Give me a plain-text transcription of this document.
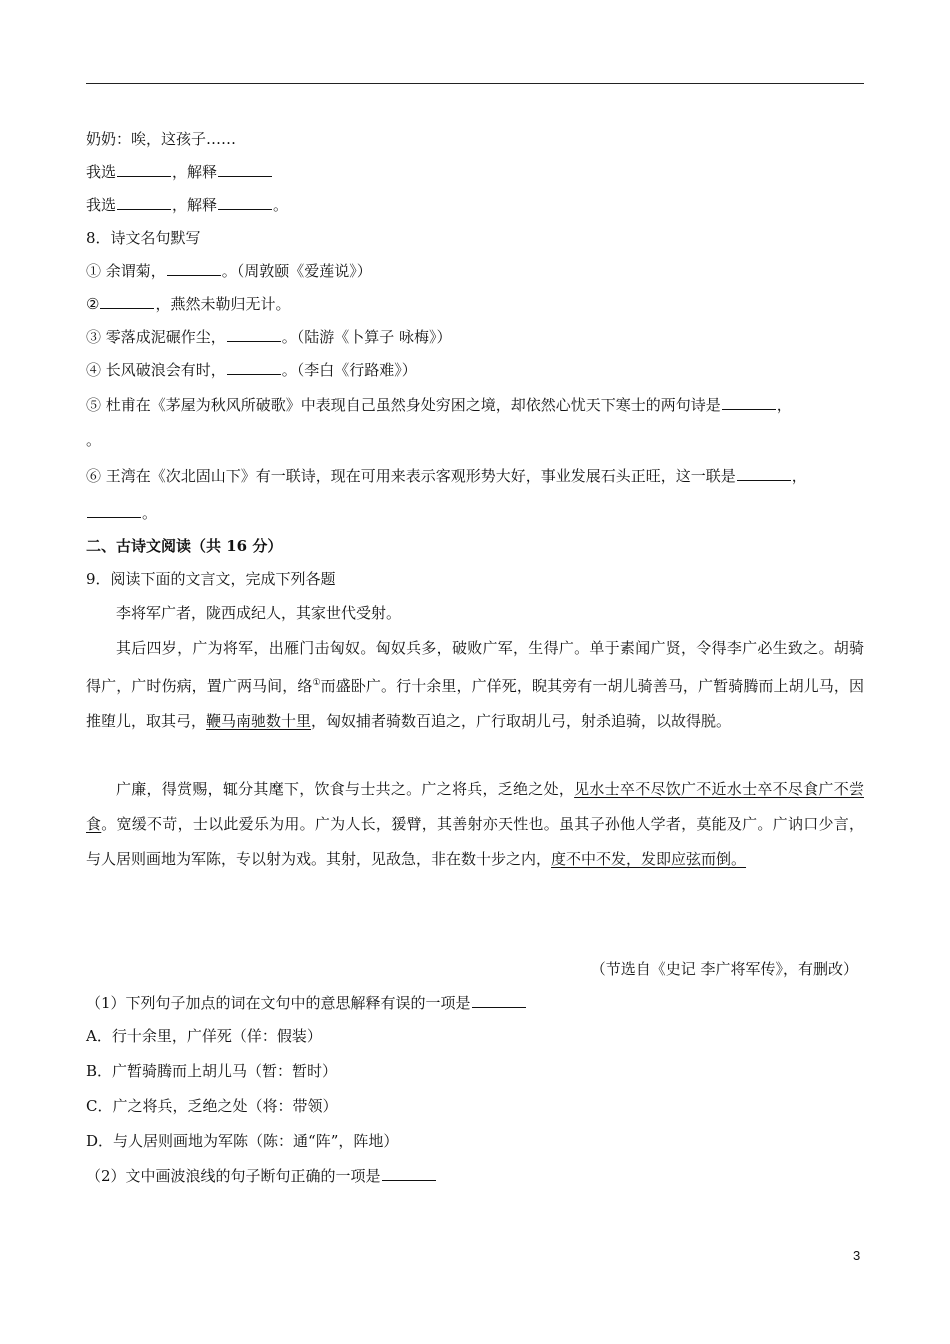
奶奶：唉，这孩子……
我选	，解释
我选	，解释	。
8．诗文名句默写
① 余谓菊，	。（周敦颐《爱莲说》）
②	，燕然未勒归无计。
③ 零落成泥碾作尘，	。（陆游《卜算子 咏梅》）
④ 长风破浪会有时，	。（李白《行路难》）
⑤ 杜甫在《茅屋为秋风所破歌》中表现自己虽然身处穷困之境，却依然心忧天下寒士的两句诗是	，
。
⑥ 王湾在《次北固山下》有一联诗，现在可用来表示客观形势大好，事业发展石头正旺，这一联是	，
。
二、古诗文阅读（共 16 分）
9．阅读下面的文言文，完成下列各题
李将军广者，陇西成纪人，其家世代受射。
其后四岁，广为将军，出雁门击匈奴。匈奴兵多，破败广军，生得广。单于素闻广贤，令得李广必生致之。胡骑得广，广时伤病，置广两马间，络①而盛卧广。行十余里，广佯死，睨其旁有一胡儿骑善马，广暂骑腾而上胡儿马，因推堕儿，取其弓，鞭马南驰数十里，匈奴捕者骑数百追之，广行取胡儿弓，射杀追骑，以故得脱。
广廉，得赏赐，辄分其麾下，饮食与士共之。广之将兵，乏绝之处，见水士卒不尽饮广不近水士卒不尽食广不尝食。宽缓不苛，士以此爱乐为用。广为人长，猨臂，其善射亦天性也。虽其子孙他人学者，莫能及广。广讷口少言，与人居则画地为军陈，专以射为戏。其射，见敌急，非在数十步之内，度不中不发，发即应弦而倒。
（节选自《史记 李广将军传》，有删改）
（1）下列句子加点的词在文句中的意思解释有误的一项是
A．行十余里，广佯死（佯：假装）
B．广暂骑腾而上胡儿马（暂：暂时）
C．广之将兵，乏绝之处（将：带领）
D．与人居则画地为军陈（陈：通“阵”，阵地）
（2）文中画波浪线的句子断句正确的一项是
3
